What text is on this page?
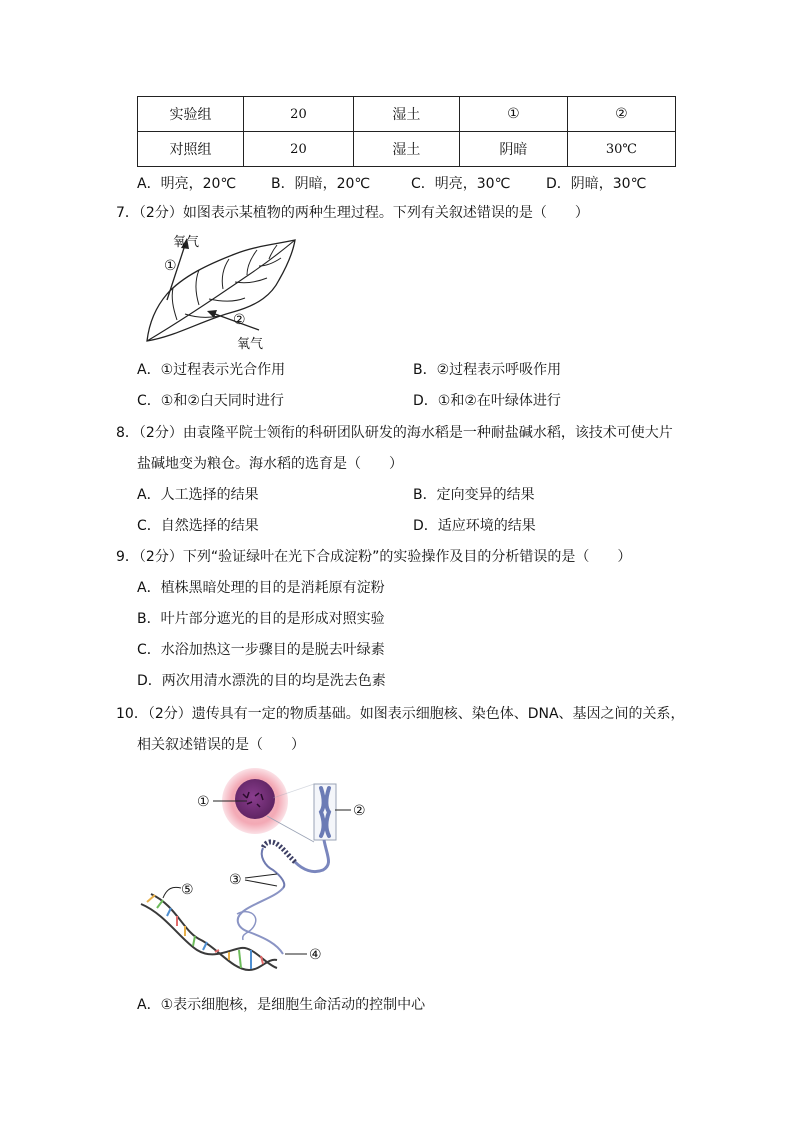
实验组	20	湿土	①	②
对照组	20	湿土	阴暗	30℃
A．明亮，20℃ B．阴暗，20℃	C．明亮，30℃	D．阴暗，30℃
7．（2分）如图表示某植物的两种生理过程。下列有关叙述错误的是（　　）
氧气
①
②
氧气
A．①过程表示光合作用	B．②过程表示呼吸作用
C．①和②白天同时进行	D．①和②在叶绿体进行
8．（2分）由袁隆平院士领衔的科研团队研发的海水稻是一种耐盐碱水稻，该技术可使大片
盐碱地变为粮仓。海水稻的选育是（　　）
A．人工选择的结果	B．定向变异的结果
C．自然选择的结果	D．适应环境的结果
9．（2分）下列“验证绿叶在光下合成淀粉”的实验操作及目的分析错误的是（　　）
A．植株黑暗处理的目的是消耗原有淀粉
B．叶片部分遮光的目的是形成对照实验
C．水浴加热这一步骤目的是脱去叶绿素
D．两次用清水漂洗的目的均是洗去色素
10．（2分）遗传具有一定的物质基础。如图表示细胞核、染色体、DNA、基因之间的关系，
相关叙述错误的是（　　）
①
②
③
④
⑤
A．①表示细胞核，是细胞生命活动的控制中心
